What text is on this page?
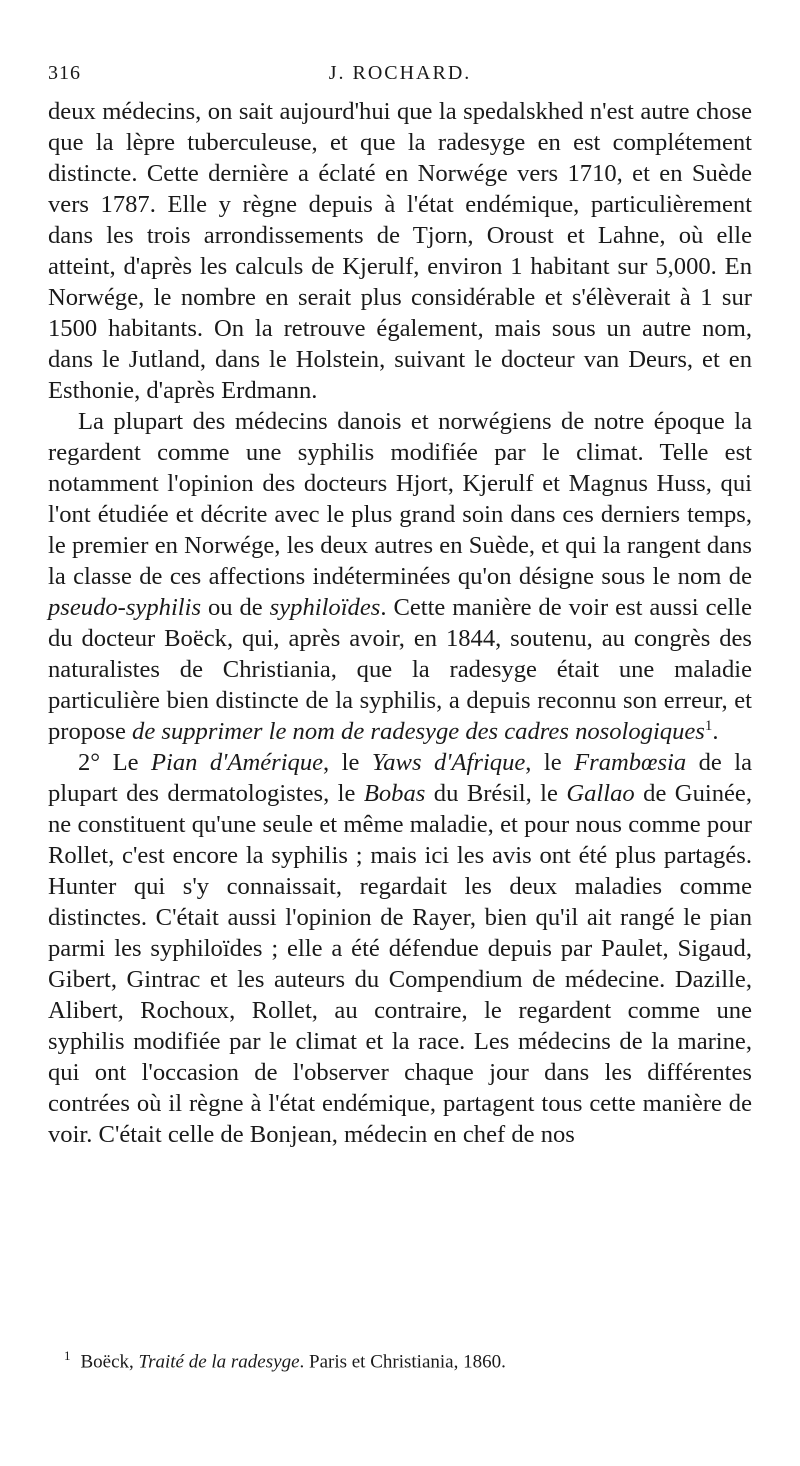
316	J. ROCHARD.

deux médecins, on sait aujourd'hui que la spedalskhed n'est autre chose que la lèpre tuberculeuse, et que la radesyge en est complétement distincte. Cette dernière a éclaté en Norwége vers 1710, et en Suède vers 1787. Elle y règne depuis à l'état endémique, particulièrement dans les trois arrondissements de Tjorn, Oroust et Lahne, où elle atteint, d'après les calculs de Kjerulf, environ 1 habitant sur 5,000. En Norwége, le nombre en serait plus considérable et s'élèverait à 1 sur 1500 habitants. On la retrouve également, mais sous un autre nom, dans le Jutland, dans le Holstein, suivant le docteur van Deurs, et en Esthonie, d'après Erdmann.

La plupart des médecins danois et norwégiens de notre époque la regardent comme une syphilis modifiée par le climat. Telle est notamment l'opinion des docteurs Hjort, Kjerulf et Magnus Huss, qui l'ont étudiée et décrite avec le plus grand soin dans ces derniers temps, le premier en Norwége, les deux autres en Suède, et qui la rangent dans la classe de ces affections indéterminées qu'on désigne sous le nom de pseudo-syphilis ou de syphiloïdes. Cette manière de voir est aussi celle du docteur Boëck, qui, après avoir, en 1844, soutenu, au congrès des naturalistes de Christiania, que la radesyge était une maladie particulière bien distincte de la syphilis, a depuis reconnu son erreur, et propose de supprimer le nom de radesyge des cadres nosologiques$^1$.

2° Le Pian d'Amérique, le Yaws d'Afrique, le Frambœsia de la plupart des dermatologistes, le Bobas du Brésil, le Gallao de Guinée, ne constituent qu'une seule et même maladie, et pour nous comme pour Rollet, c'est encore la syphilis ; mais ici les avis ont été plus partagés. Hunter qui s'y connaissait, regardait les deux maladies comme distinctes. C'était aussi l'opinion de Rayer, bien qu'il ait rangé le pian parmi les syphiloïdes ; elle a été défendue depuis par Paulet, Sigaud, Gibert, Gintrac et les auteurs du Compendium de médecine. Dazille, Alibert, Rochoux, Rollet, au contraire, le regardent comme une syphilis modifiée par le climat et la race. Les médecins de la marine, qui ont l'occasion de l'observer chaque jour dans les différentes contrées où il règne à l'état endémique, partagent tous cette manière de voir. C'était celle de Bonjean, médecin en chef de nos

$^1$ Boëck, Traité de la radesyge. Paris et Christiania, 1860.
